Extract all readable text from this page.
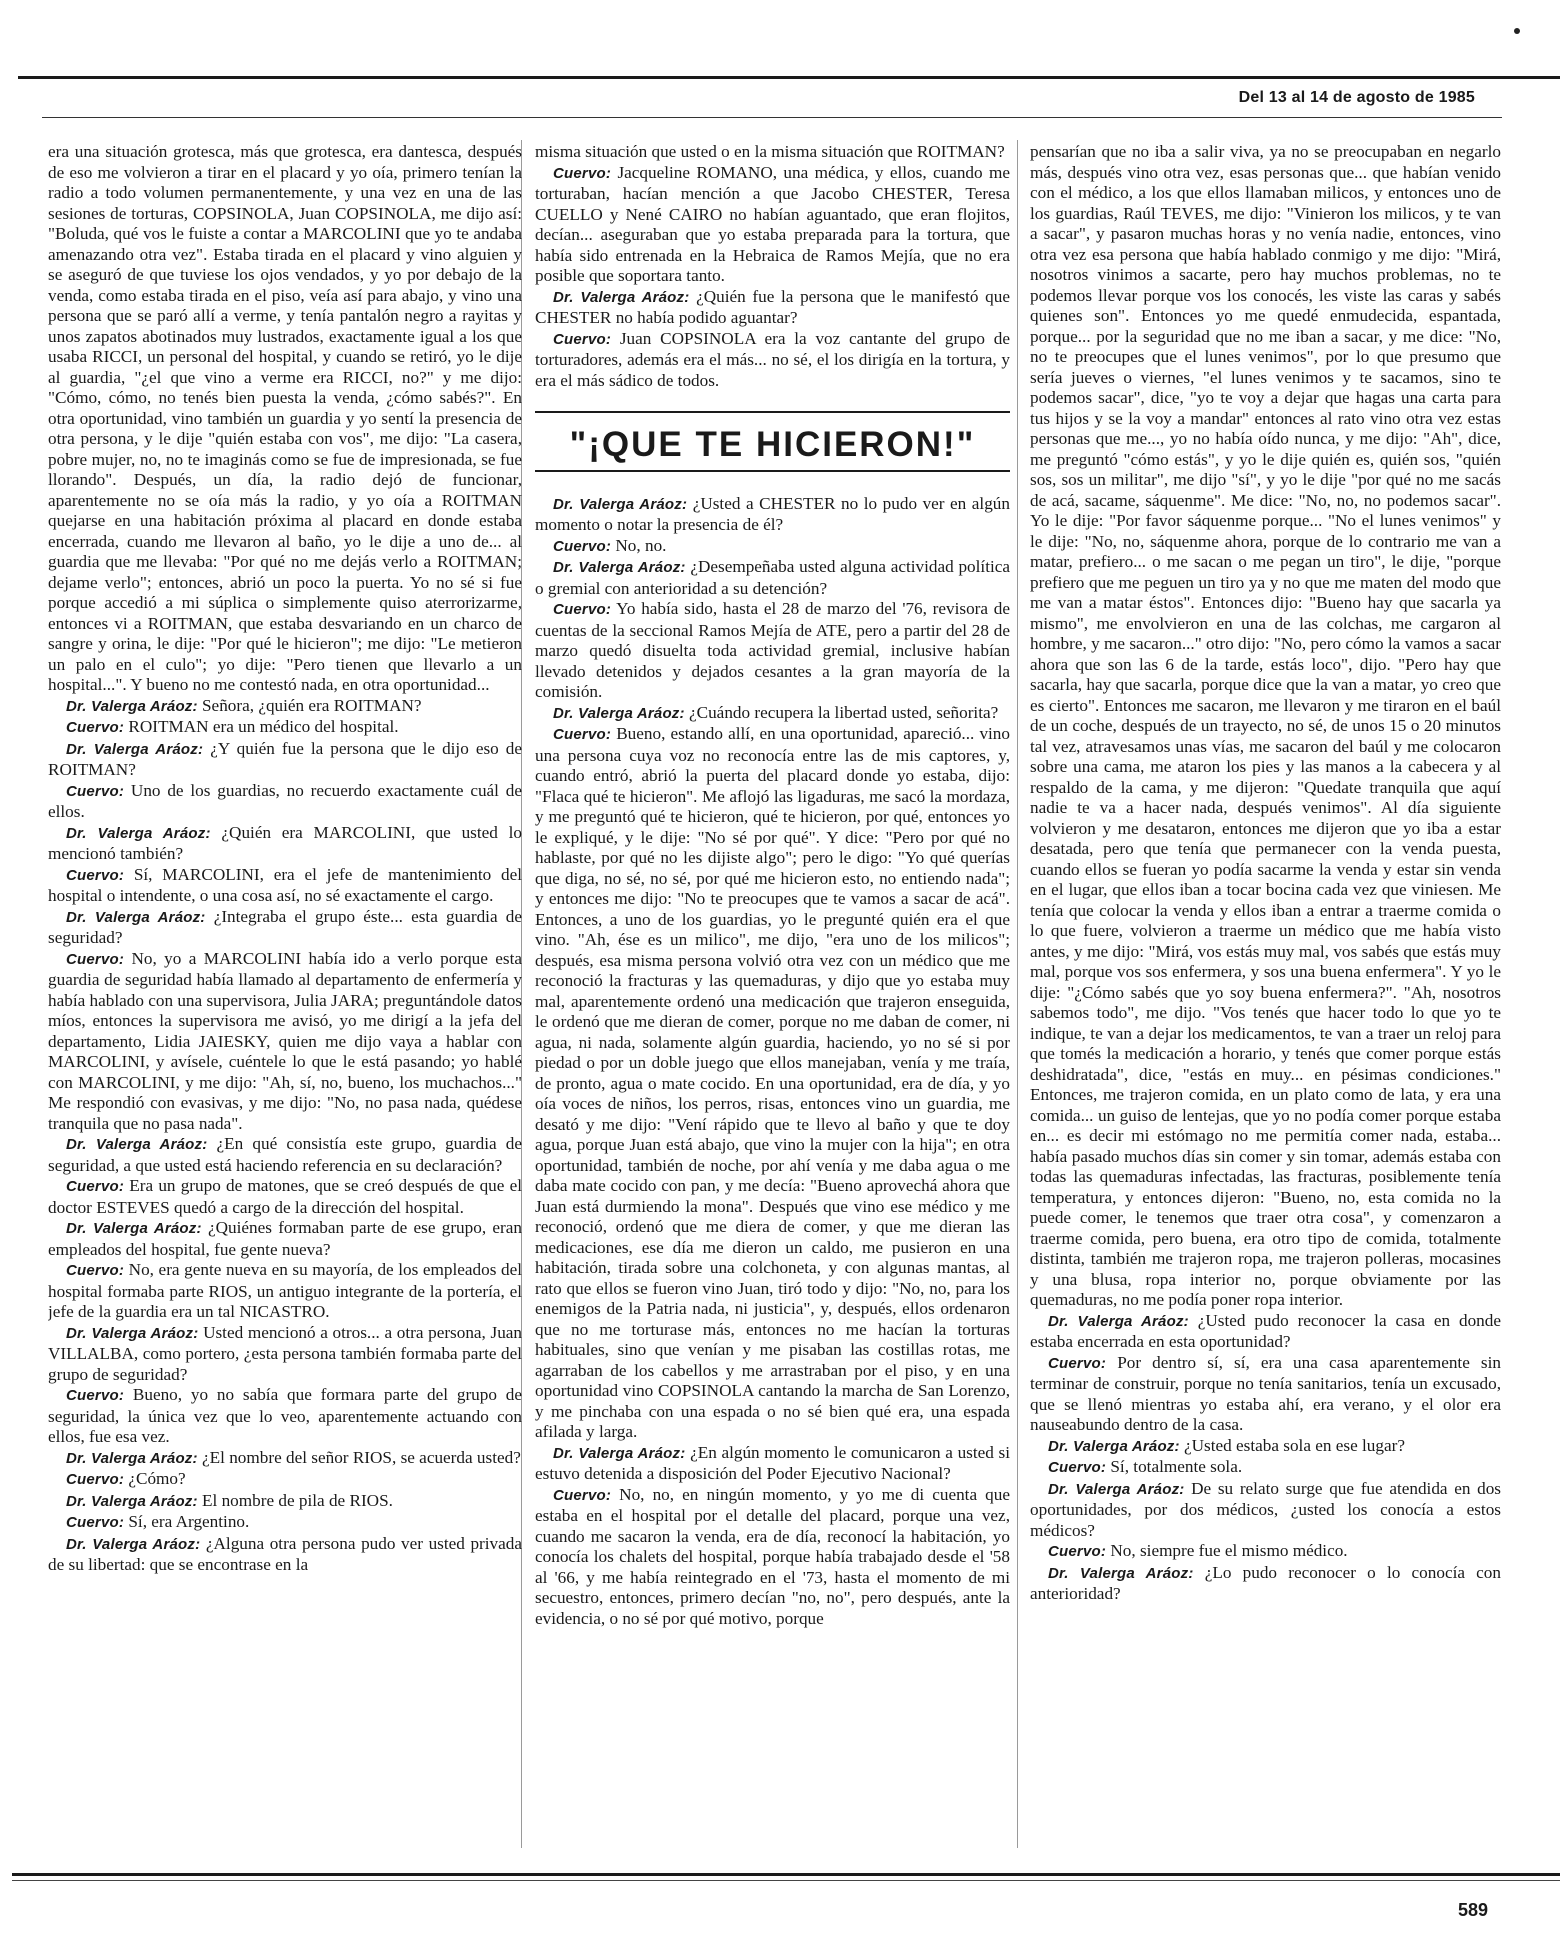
Del 13 al 14 de agosto de 1985

era una situación grotesca, más que grotesca, era dantesca, después de eso me volvieron a tirar en el placard y yo oía, primero tenían la radio a todo volumen permanentemente, y una vez en una de las sesiones de torturas, COPSINOLA, Juan COPSINOLA, me dijo así: "Boluda, qué vos le fuiste a contar a MARCOLINI que yo te andaba amenazando otra vez". Estaba tirada en el placard y vino alguien y se aseguró de que tuviese los ojos vendados, y yo por debajo de la venda, como estaba tirada en el piso, veía así para abajo, y vino una persona que se paró allí a verme, y tenía pantalón negro a rayitas y unos zapatos abotinados muy lustrados, exactamente igual a los que usaba RICCI, un personal del hospital, y cuando se retiró, yo le dije al guardia, "¿el que vino a verme era RICCI, no?" y me dijo: "Cómo, cómo, no tenés bien puesta la venda, ¿cómo sabés?". En otra oportunidad, vino también un guardia y yo sentí la presencia de otra persona, y le dije "quién estaba con vos", me dijo: "La casera, pobre mujer, no, no te imaginás como se fue de impresionada, se fue llorando". Después, un día, la radio dejó de funcionar, aparentemente no se oía más la radio, y yo oía a ROITMAN quejarse en una habitación próxima al placard en donde estaba encerrada, cuando me llevaron al baño, yo le dije a uno de... al guardia que me llevaba: "Por qué no me dejás verlo a ROITMAN; dejame verlo"; entonces, abrió un poco la puerta. Yo no sé si fue porque accedió a mi súplica o simplemente quiso aterrorizarme, entonces vi a ROITMAN, que estaba desvariando en un charco de sangre y orina, le dije: "Por qué le hicieron"; me dijo: "Le metieron un palo en el culo"; yo dije: "Pero tienen que llevarlo a un hospital...". Y bueno no me contestó nada, en otra oportunidad...

Dr. Valerga Aráoz: Señora, ¿quién era ROITMAN?

Cuervo: ROITMAN era un médico del hospital.

Dr. Valerga Aráoz: ¿Y quién fue la persona que le dijo eso de ROITMAN?

Cuervo: Uno de los guardias, no recuerdo exactamente cuál de ellos.

Dr. Valerga Aráoz: ¿Quién era MARCOLINI, que usted lo mencionó también?

Cuervo: Sí, MARCOLINI, era el jefe de mantenimiento del hospital o intendente, o una cosa así, no sé exactamente el cargo.

Dr. Valerga Aráoz: ¿Integraba el grupo éste... esta guardia de seguridad?

Cuervo: No, yo a MARCOLINI había ido a verlo porque esta guardia de seguridad había llamado al departamento de enfermería y había hablado con una supervisora, Julia JARA; preguntándole datos míos, entonces la supervisora me avisó, yo me dirigí a la jefa del departamento, Lidia JAIESKY, quien me dijo vaya a hablar con MARCOLINI, y avísele, cuéntele lo que le está pasando; yo hablé con MARCOLINI, y me dijo: "Ah, sí, no, bueno, los muchachos..." Me respondió con evasivas, y me dijo: "No, no pasa nada, quédese tranquila que no pasa nada".

Dr. Valerga Aráoz: ¿En qué consistía este grupo, guardia de seguridad, a que usted está haciendo referencia en su declaración?

Cuervo: Era un grupo de matones, que se creó después de que el doctor ESTEVES quedó a cargo de la dirección del hospital.

Dr. Valerga Aráoz: ¿Quiénes formaban parte de ese grupo, eran empleados del hospital, fue gente nueva?

Cuervo: No, era gente nueva en su mayoría, de los empleados del hospital formaba parte RIOS, un antiguo integrante de la portería, el jefe de la guardia era un tal NICASTRO.

Dr. Valerga Aráoz: Usted mencionó a otros... a otra persona, Juan VILLALBA, como portero, ¿esta persona también formaba parte del grupo de seguridad?

Cuervo: Bueno, yo no sabía que formara parte del grupo de seguridad, la única vez que lo veo, aparentemente actuando con ellos, fue esa vez.

Dr. Valerga Aráoz: ¿El nombre del señor RIOS, se acuerda usted?

Cuervo: ¿Cómo?

Dr. Valerga Aráoz: El nombre de pila de RIOS.

Cuervo: Sí, era Argentino.

Dr. Valerga Aráoz: ¿Alguna otra persona pudo ver usted privada de su libertad: que se encontrase en la

misma situación que usted o en la misma situación que ROITMAN?

Cuervo: Jacqueline ROMANO, una médica, y ellos, cuando me torturaban, hacían mención a que Jacobo CHESTER, Teresa CUELLO y Nené CAIRO no habían aguantado, que eran flojitos, decían... aseguraban que yo estaba preparada para la tortura, que había sido entrenada en la Hebraica de Ramos Mejía, que no era posible que soportara tanto.

Dr. Valerga Aráoz: ¿Quién fue la persona que le manifestó que CHESTER no había podido aguantar?

Cuervo: Juan COPSINOLA era la voz cantante del grupo de torturadores, además era el más... no sé, el los dirigía en la tortura, y era el más sádico de todos.

"¡QUE TE HICIERON!"

Dr. Valerga Aráoz: ¿Usted a CHESTER no lo pudo ver en algún momento o notar la presencia de él?

Cuervo: No, no.

Dr. Valerga Aráoz: ¿Desempeñaba usted alguna actividad política o gremial con anterioridad a su detención?

Cuervo: Yo había sido, hasta el 28 de marzo del '76, revisora de cuentas de la seccional Ramos Mejía de ATE, pero a partir del 28 de marzo quedó disuelta toda actividad gremial, inclusive habían llevado detenidos y dejados cesantes a la gran mayoría de la comisión.

Dr. Valerga Aráoz: ¿Cuándo recupera la libertad usted, señorita?

Cuervo: Bueno, estando allí, en una oportunidad, apareció... vino una persona cuya voz no reconocía entre las de mis captores, y, cuando entró, abrió la puerta del placard donde yo estaba, dijo: "Flaca qué te hicieron". Me aflojó las ligaduras, me sacó la mordaza, y me preguntó qué te hicieron, qué te hicieron, por qué, entonces yo le expliqué, y le dije: "No sé por qué". Y dice: "Pero por qué no hablaste, por qué no les dijiste algo"; pero le digo: "Yo qué querías que diga, no sé, no sé, por qué me hicieron esto, no entiendo nada"; y entonces me dijo: "No te preocupes que te vamos a sacar de acá". Entonces, a uno de los guardias, yo le pregunté quién era el que vino. "Ah, ése es un milico", me dijo, "era uno de los milicos"; después, esa misma persona volvió otra vez con un médico que me reconoció la fracturas y las quemaduras, y dijo que yo estaba muy mal, aparentemente ordenó una medicación que trajeron enseguida, le ordenó que me dieran de comer, porque no me daban de comer, ni agua, ni nada, solamente algún guardia, haciendo, yo no sé si por piedad o por un doble juego que ellos manejaban, venía y me traía, de pronto, agua o mate cocido. En una oportunidad, era de día, y yo oía voces de niños, los perros, risas, entonces vino un guardia, me desató y me dijo: "Vení rápido que te llevo al baño y que te doy agua, porque Juan está abajo, que vino la mujer con la hija"; en otra oportunidad, también de noche, por ahí venía y me daba agua o me daba mate cocido con pan, y me decía: "Bueno aprovechá ahora que Juan está durmiendo la mona". Después que vino ese médico y me reconoció, ordenó que me diera de comer, y que me dieran las medicaciones, ese día me dieron un caldo, me pusieron en una habitación, tirada sobre una colchoneta, y con algunas mantas, al rato que ellos se fueron vino Juan, tiró todo y dijo: "No, no, para los enemigos de la Patria nada, ni justicia", y, después, ellos ordenaron que no me torturase más, entonces no me hacían la torturas habituales, sino que venían y me pisaban las costillas rotas, me agarraban de los cabellos y me arrastraban por el piso, y en una oportunidad vino COPSINOLA cantando la marcha de San Lorenzo, y me pinchaba con una espada o no sé bien qué era, una espada afilada y larga.

Dr. Valerga Aráoz: ¿En algún momento le comunicaron a usted si estuvo detenida a disposición del Poder Ejecutivo Nacional?

Cuervo: No, no, en ningún momento, y yo me di cuenta que estaba en el hospital por el detalle del placard, porque una vez, cuando me sacaron la venda, era de día, reconocí la habitación, yo conocía los chalets del hospital, porque había trabajado desde el '58 al '66, y me había reintegrado en el '73, hasta el momento de mi secuestro, entonces, primero decían "no, no", pero después, ante la evidencia, o no sé por qué motivo, porque

pensarían que no iba a salir viva, ya no se preocupaban en negarlo más, después vino otra vez, esas personas que... que habían venido con el médico, a los que ellos llamaban milicos, y entonces uno de los guardias, Raúl TEVES, me dijo: "Vinieron los milicos, y te van a sacar", y pasaron muchas horas y no venía nadie, entonces, vino otra vez esa persona que había hablado conmigo y me dijo: "Mirá, nosotros vinimos a sacarte, pero hay muchos problemas, no te podemos llevar porque vos los conocés, les viste las caras y sabés quienes son". Entonces yo me quedé enmudecida, espantada, porque... por la seguridad que no me iban a sacar, y me dice: "No, no te preocupes que el lunes venimos", por lo que presumo que sería jueves o viernes, "el lunes venimos y te sacamos, sino te podemos sacar", dice, "yo te voy a dejar que hagas una carta para tus hijos y se la voy a mandar" entonces al rato vino otra vez estas personas que me..., yo no había oído nunca, y me dijo: "Ah", dice, me preguntó "cómo estás", y yo le dije quién es, quién sos, "quién sos, sos un militar", me dijo "sí", y yo le dije "por qué no me sacás de acá, sacame, sáquenme". Me dice: "No, no, no podemos sacar". Yo le dije: "Por favor sáquenme porque... "No el lunes venimos" y le dije: "No, no, sáquenme ahora, porque de lo contrario me van a matar, prefiero... o me sacan o me pegan un tiro", le dije, "porque prefiero que me peguen un tiro ya y no que me maten del modo que me van a matar éstos". Entonces dijo: "Bueno hay que sacarla ya mismo", me envolvieron en una de las colchas, me cargaron al hombre, y me sacaron..." otro dijo: "No, pero cómo la vamos a sacar ahora que son las 6 de la tarde, estás loco", dijo. "Pero hay que sacarla, hay que sacarla, porque dice que la van a matar, yo creo que es cierto". Entonces me sacaron, me llevaron y me tiraron en el baúl de un coche, después de un trayecto, no sé, de unos 15 o 20 minutos tal vez, atravesamos unas vías, me sacaron del baúl y me colocaron sobre una cama, me ataron los pies y las manos a la cabecera y al respaldo de la cama, y me dijeron: "Quedate tranquila que aquí nadie te va a hacer nada, después venimos". Al día siguiente volvieron y me desataron, entonces me dijeron que yo iba a estar desatada, pero que tenía que permanecer con la venda puesta, cuando ellos se fueran yo podía sacarme la venda y estar sin venda en el lugar, que ellos iban a tocar bocina cada vez que viniesen. Me tenía que colocar la venda y ellos iban a entrar a traerme comida o lo que fuere, volvieron a traerme un médico que me había visto antes, y me dijo: "Mirá, vos estás muy mal, vos sabés que estás muy mal, porque vos sos enfermera, y sos una buena enfermera". Y yo le dije: "¿Cómo sabés que yo soy buena enfermera?". "Ah, nosotros sabemos todo", me dijo. "Vos tenés que hacer todo lo que yo te indique, te van a dejar los medicamentos, te van a traer un reloj para que tomés la medicación a horario, y tenés que comer porque estás deshidratada", dice, "estás en muy... en pésimas condiciones." Entonces, me trajeron comida, en un plato como de lata, y era una comida... un guiso de lentejas, que yo no podía comer porque estaba en... es decir mi estómago no me permitía comer nada, estaba... había pasado muchos días sin comer y sin tomar, además estaba con todas las quemaduras infectadas, las fracturas, posiblemente tenía temperatura, y entonces dijeron: "Bueno, no, esta comida no la puede comer, le tenemos que traer otra cosa", y comenzaron a traerme comida, pero buena, era otro tipo de comida, totalmente distinta, también me trajeron ropa, me trajeron polleras, mocasines y una blusa, ropa interior no, porque obviamente por las quemaduras, no me podía poner ropa interior.

Dr. Valerga Aráoz: ¿Usted pudo reconocer la casa en donde estaba encerrada en esta oportunidad?

Cuervo: Por dentro sí, sí, era una casa aparentemente sin terminar de construir, porque no tenía sanitarios, tenía un excusado, que se llenó mientras yo estaba ahí, era verano, y el olor era nauseabundo dentro de la casa.

Dr. Valerga Aráoz: ¿Usted estaba sola en ese lugar?

Cuervo: Sí, totalmente sola.

Dr. Valerga Aráoz: De su relato surge que fue atendida en dos oportunidades, por dos médicos, ¿usted los conocía a estos médicos?

Cuervo: No, siempre fue el mismo médico.

Dr. Valerga Aráoz: ¿Lo pudo reconocer o lo conocía con anterioridad?

589
